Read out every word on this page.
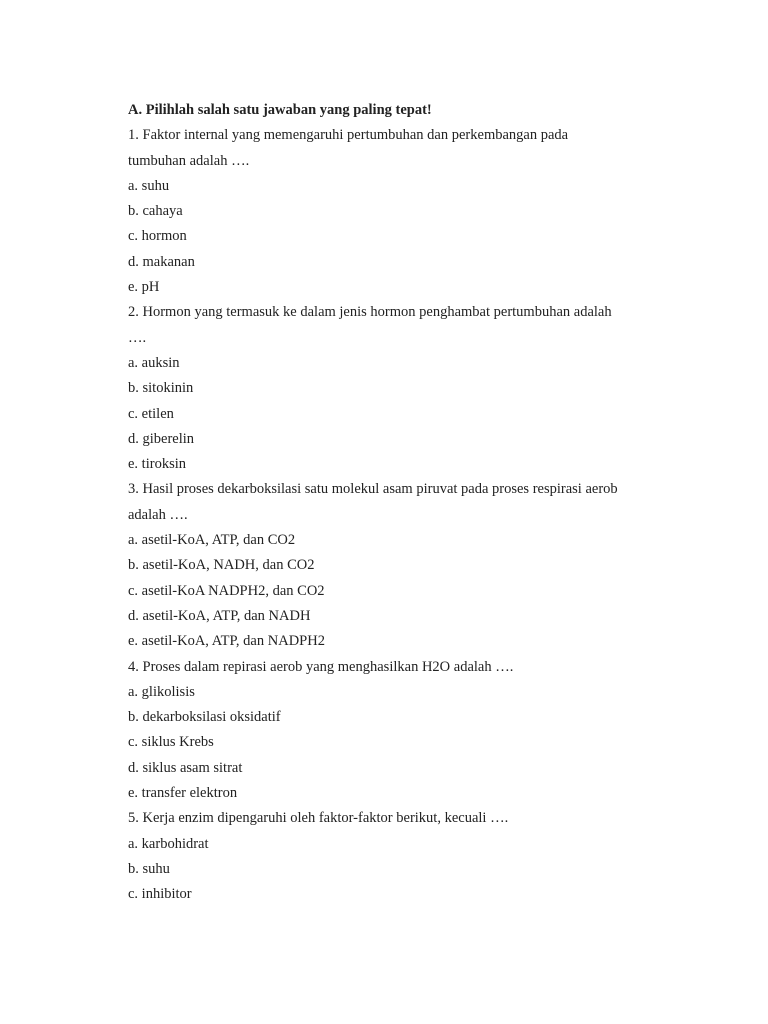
A. Pilihlah salah satu jawaban yang paling tepat!
1. Faktor internal yang memengaruhi pertumbuhan dan perkembangan pada
tumbuhan adalah ….
a. suhu
b. cahaya
c. hormon
d. makanan
e. pH
2. Hormon yang termasuk ke dalam jenis hormon penghambat pertumbuhan adalah
….
a. auksin
b. sitokinin
c. etilen
d. giberelin
e. tiroksin
3. Hasil proses dekarboksilasi satu molekul asam piruvat pada proses respirasi aerob
adalah ….
a. asetil-KoA, ATP, dan CO2
b. asetil-KoA, NADH, dan CO2
c. asetil-KoA NADPH2, dan CO2
d. asetil-KoA, ATP, dan NADH
e. asetil-KoA, ATP, dan NADPH2
4. Proses dalam repirasi aerob yang menghasilkan H2O adalah ….
a. glikolisis
b. dekarboksilasi oksidatif
c. siklus Krebs
d. siklus asam sitrat
e. transfer elektron
5. Kerja enzim dipengaruhi oleh faktor-faktor berikut, kecuali ….
a. karbohidrat
b. suhu
c. inhibitor
